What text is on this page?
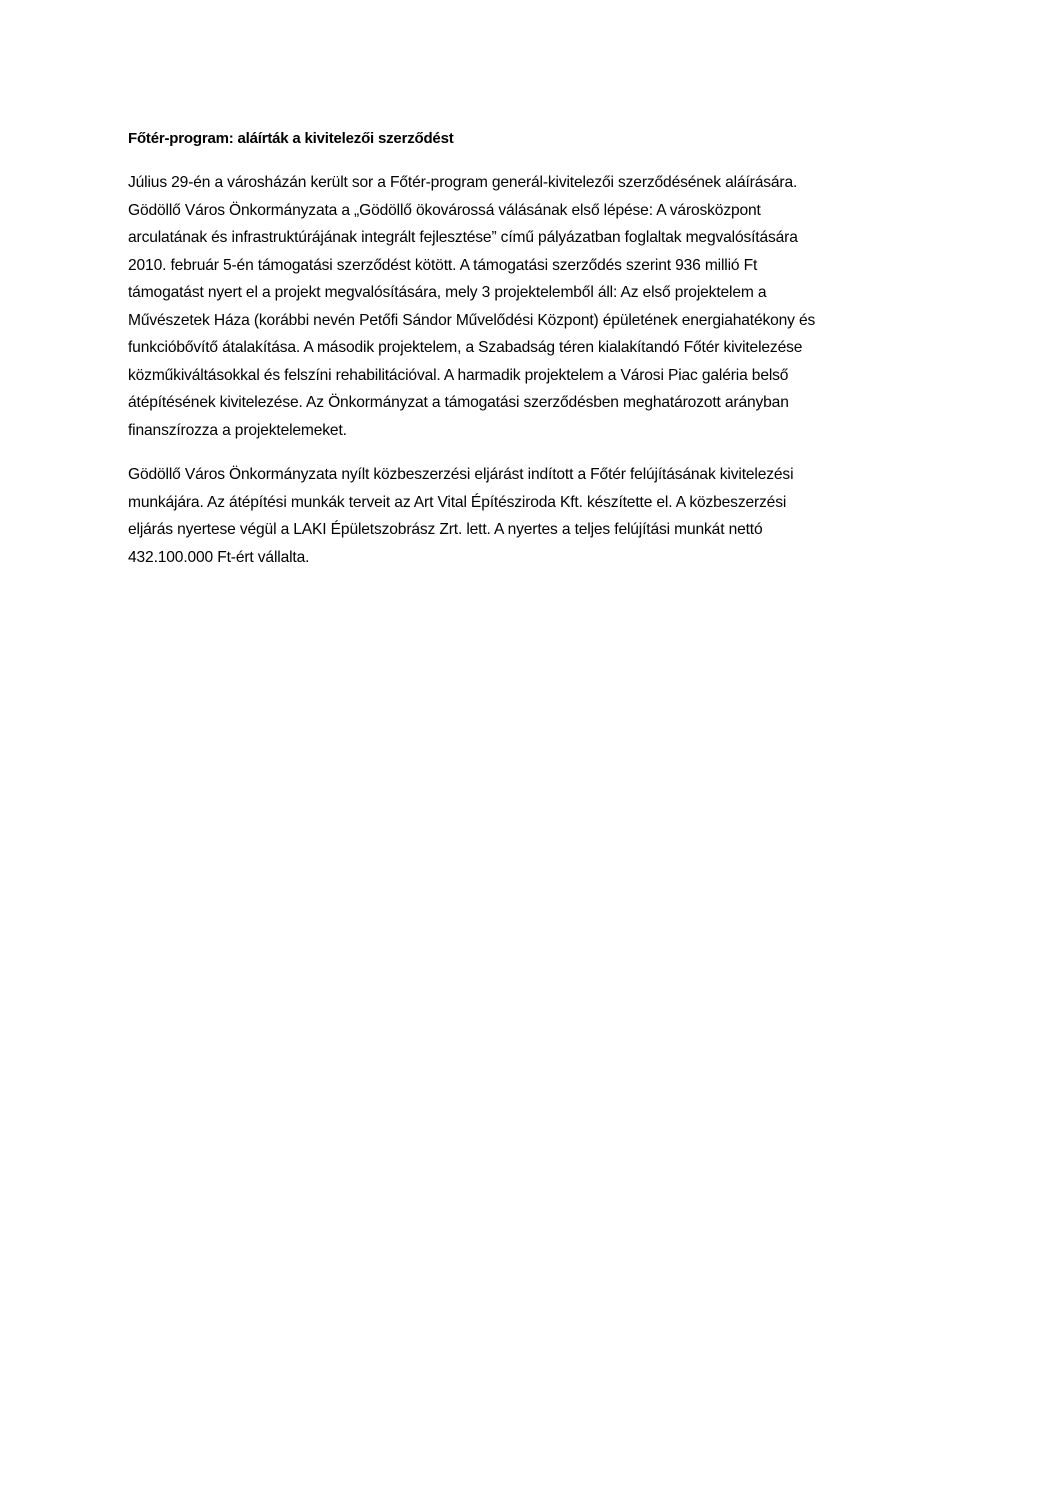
Főtér-program: aláírták a kivitelezői szerződést

Július 29-én a városházán került sor a Főtér-program generál-kivitelezői szerződésének aláírására.
Gödöllő Város Önkormányzata a „Gödöllő ökovárossá válásának első lépése: A városközpont
arculatának és infrastruktúrájának integrált fejlesztése” című pályázatban foglaltak megvalósítására
2010. február 5-én támogatási szerződést kötött. A támogatási szerződés szerint 936 millió Ft
támogatást nyert el a projekt megvalósítására, mely 3 projektelemből áll: Az első projektelem a
Művészetek Háza (korábbi nevén Petőfi Sándor Művelődési Központ) épületének energiahatékony és
funkcióbővítő átalakítása. A második projektelem, a Szabadság téren kialakítandó Főtér kivitelezése
közműkiváltásokkal és felszíni rehabilitációval. A harmadik projektelem a Városi Piac galéria belső
átépítésének kivitelezése. Az Önkormányzat a támogatási szerződésben meghatározott arányban
finanszírozza a projektelemeket.

Gödöllő Város Önkormányzata nyílt közbeszerzési eljárást indított a Főtér felújításának kivitelezési
munkájára. Az átépítési munkák terveit az Art Vital Építésziroda Kft. készítette el. A közbeszerzési
eljárás nyertese végül a LAKI Épületszobrász Zrt. lett. A nyertes a teljes felújítási munkát nettó
432.100.000 Ft-ért vállalta.
